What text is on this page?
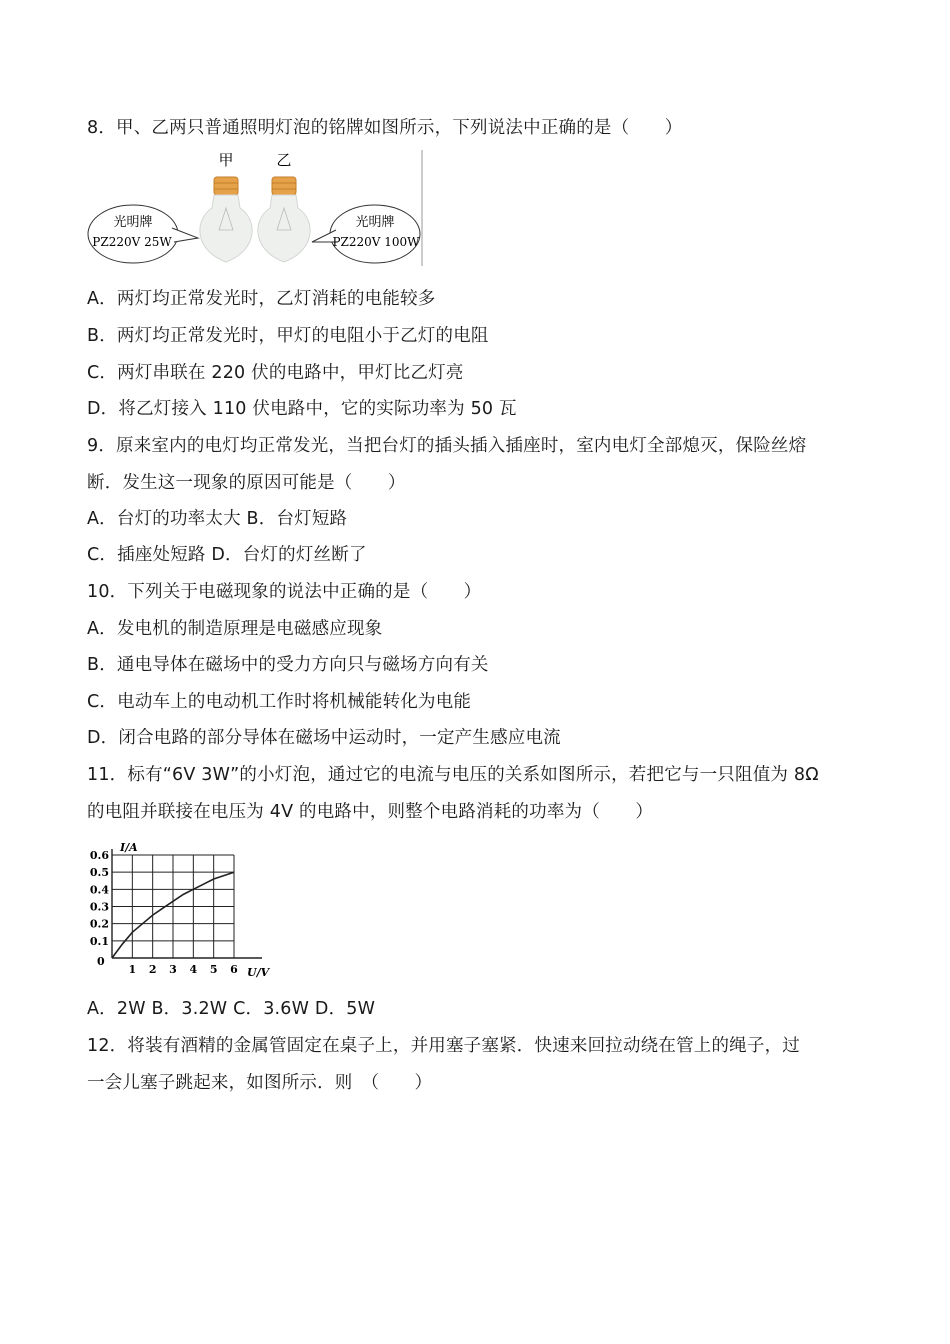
8．甲、乙两只普通照明灯泡的铭牌如图所示，下列说法中正确的是（　　）
甲	乙
光明牌
PZ220V 25W
光明牌
PZ220V 100W
A．两灯均正常发光时，乙灯消耗的电能较多
B．两灯均正常发光时，甲灯的电阻小于乙灯的电阻
C．两灯串联在 220 伏的电路中，甲灯比乙灯亮
D．将乙灯接入 110 伏电路中，它的实际功率为 50 瓦
9．原来室内的电灯均正常发光，当把台灯的插头插入插座时，室内电灯全部熄灭，保险丝熔
断．发生这一现象的原因可能是（　　）
A．台灯的功率太大 B．台灯短路
C．插座处短路 D．台灯的灯丝断了
10．下列关于电磁现象的说法中正确的是（　　）
A．发电机的制造原理是电磁感应现象
B．通电导体在磁场中的受力方向只与磁场方向有关
C．电动车上的电动机工作时将机械能转化为电能
D．闭合电路的部分导体在磁场中运动时，一定产生感应电流
11．标有“6V 3W”的小灯泡，通过它的电流与电压的关系如图所示，若把它与一只阻值为 8Ω
的电阻并联接在电压为 4V 的电路中，则整个电路消耗的功率为（　　）
1 2 3 4 5 6
0.1
0.2
0.3
0.4
0.5
0.6
I/A
U/V
0
A．2W B．3.2W C．3.6W D．5W
12．将装有酒精的金属管固定在桌子上，并用塞子塞紧．快速来回拉动绕在管上的绳子，过
一会儿塞子跳起来，如图所示．则　（　　）
